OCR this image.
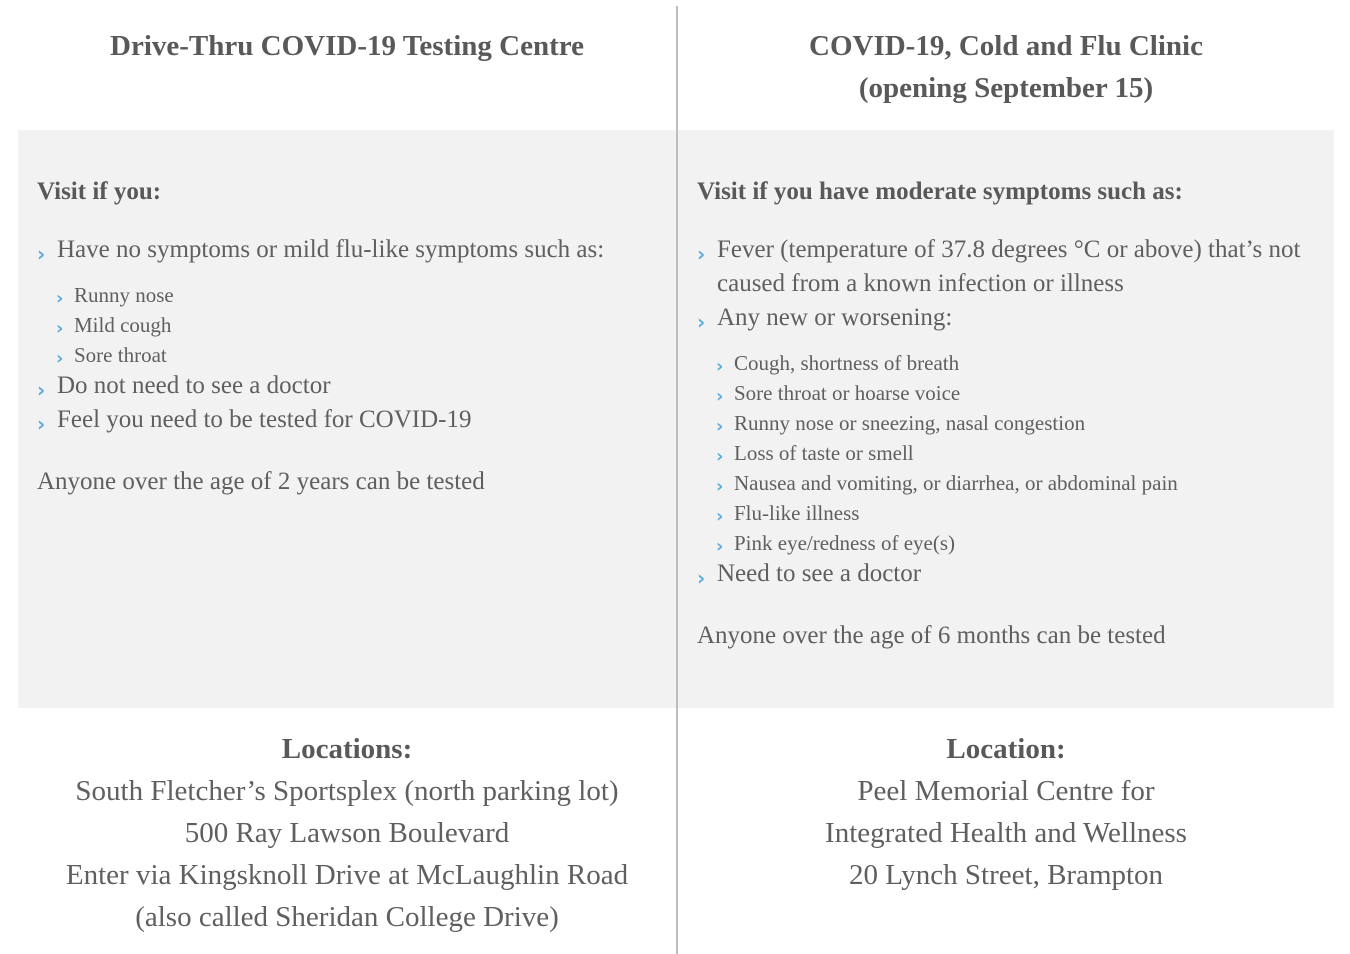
Drive-Thru COVID-19 Testing Centre	COVID-19, Cold and Flu Clinic
(opening September 15)
Visit if you:
› Have no symptoms or mild flu-like symptoms such as:
› Runny nose
› Mild cough
› Sore throat
› Do not need to see a doctor
› Feel you need to be tested for COVID-19
Anyone over the age of 2 years can be tested
Visit if you have moderate symptoms such as:
› Fever (temperature of 37.8 degrees °C or above) that’s not caused from a known infection or illness
› Any new or worsening:
› Cough, shortness of breath
› Sore throat or hoarse voice
› Runny nose or sneezing, nasal congestion
› Loss of taste or smell
› Nausea and vomiting, or diarrhea, or abdominal pain
› Flu-like illness
› Pink eye/redness of eye(s)
› Need to see a doctor
Anyone over the age of 6 months can be tested
Locations:
South Fletcher’s Sportsplex (north parking lot)
500 Ray Lawson Boulevard
Enter via Kingsknoll Drive at McLaughlin Road
(also called Sheridan College Drive)
Location:
Peel Memorial Centre for
Integrated Health and Wellness
20 Lynch Street, Brampton
